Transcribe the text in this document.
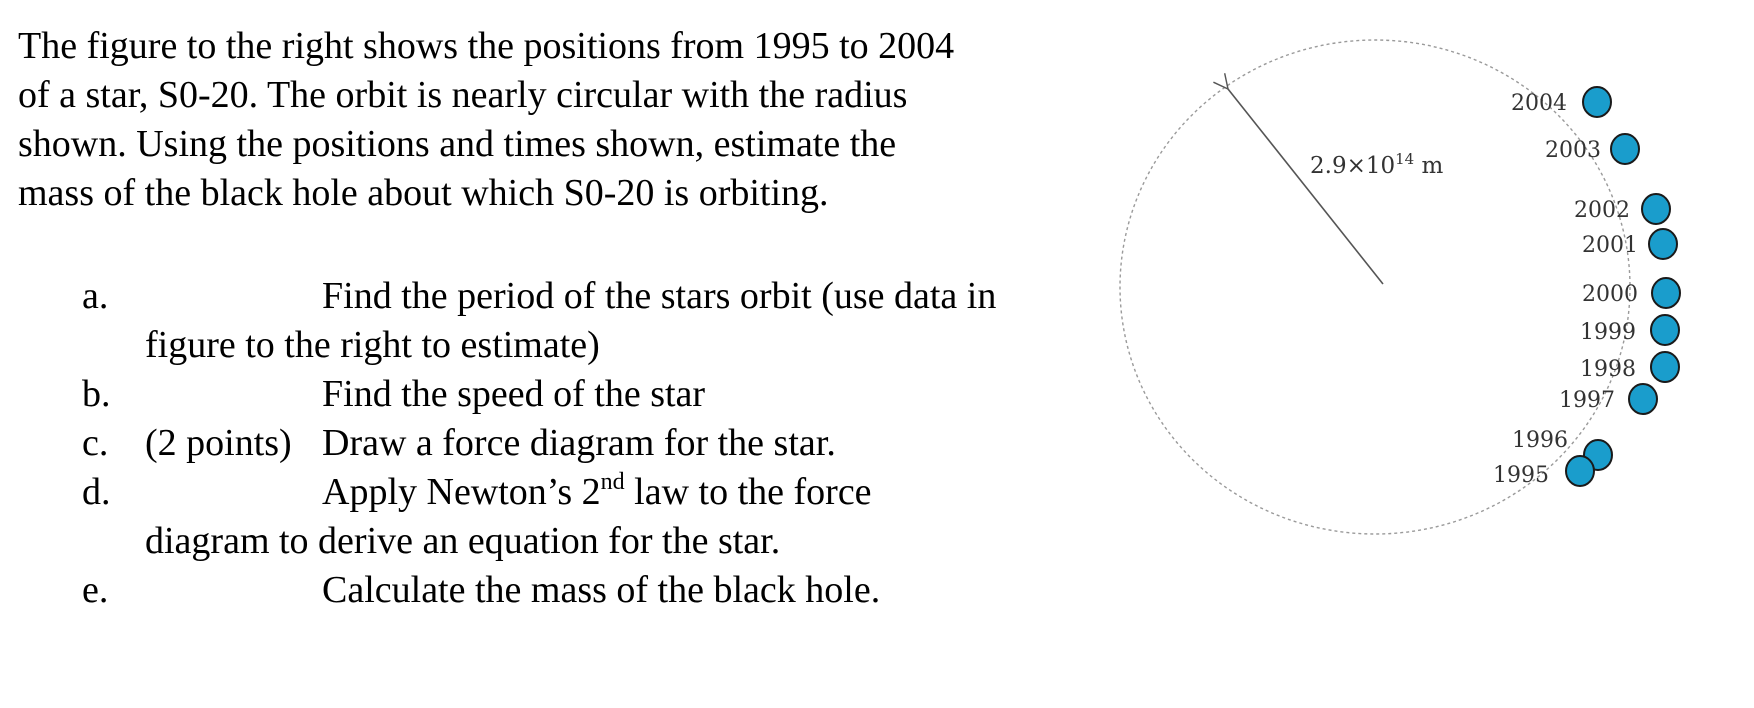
The figure to the right shows the positions from 1995 to 2004
of a star, S0-20. The orbit is nearly circular with the radius
shown. Using the positions and times shown, estimate the
mass of the black hole about which S0-20 is orbiting.
a.	Find the period of the stars orbit (use data in
figure to the right to estimate)
b.	Find the speed of the star
c. (2 points) Draw a force diagram for the star.
d.	Apply Newton’s 2nd law to the force
diagram to derive an equation for the star.
e.	Calculate the mass of the black hole.
$2.9\times 10^{14}$ m
2004
2003
2002
2001
2000
1999
1998
1997
1996
1995
